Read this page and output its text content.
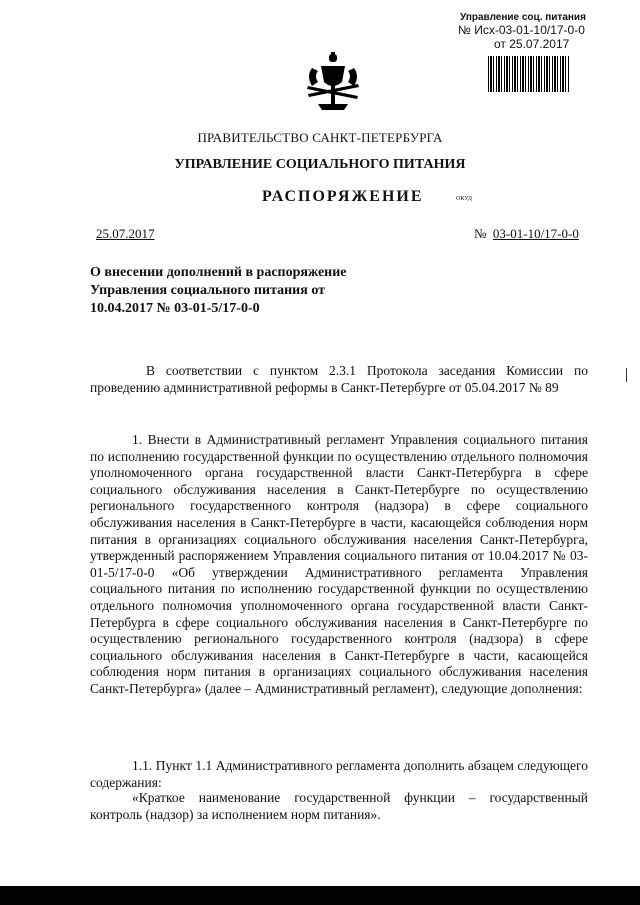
Управление соц. питания
№ Исх-03-01-10/17-0-0
от 25.07.2017
ПРАВИТЕЛЬСТВО САНКТ-ПЕТЕРБУРГА
УПРАВЛЕНИЕ СОЦИАЛЬНОГО ПИТАНИЯ
РАСПОРЯЖЕНИЕ	ОКУД
25.07.2017	№ 03-01-10/17-0-0
О внесении дополнений в распоряжение Управления социального питания от 10.04.2017 № 03-01-5/17-0-0
В соответствии с пунктом 2.3.1 Протокола заседания Комиссии по проведению административной реформы в Санкт-Петербурге от 05.04.2017 № 89
1. Внести в Административный регламент Управления социального питания по исполнению государственной функции по осуществлению отдельного полномочия уполномоченного органа государственной власти Санкт-Петербурга в сфере социального обслуживания населения в Санкт-Петербурге по осуществлению регионального государственного контроля (надзора) в сфере социального обслуживания населения в Санкт-Петербурге в части, касающейся соблюдения норм питания в организациях социального обслуживания населения Санкт-Петербурга, утвержденный распоряжением Управления социального питания от 10.04.2017 № 03-01-5/17-0-0 «Об утверждении Административного регламента Управления социального питания по исполнению государственной функции по осуществлению отдельного полномочия уполномоченного органа государственной власти Санкт-Петербурга в сфере социального обслуживания населения в Санкт-Петербурге по осуществлению регионального государственного контроля (надзора) в сфере социального обслуживания населения в Санкт-Петербурге в части, касающейся соблюдения норм питания в организациях социального обслуживания населения Санкт-Петербурга» (далее – Административный регламент), следующие дополнения:
1.1. Пункт 1.1 Административного регламента дополнить абзацем следующего содержания:
«Краткое наименование государственной функции – государственный контроль (надзор) за исполнением норм питания».
